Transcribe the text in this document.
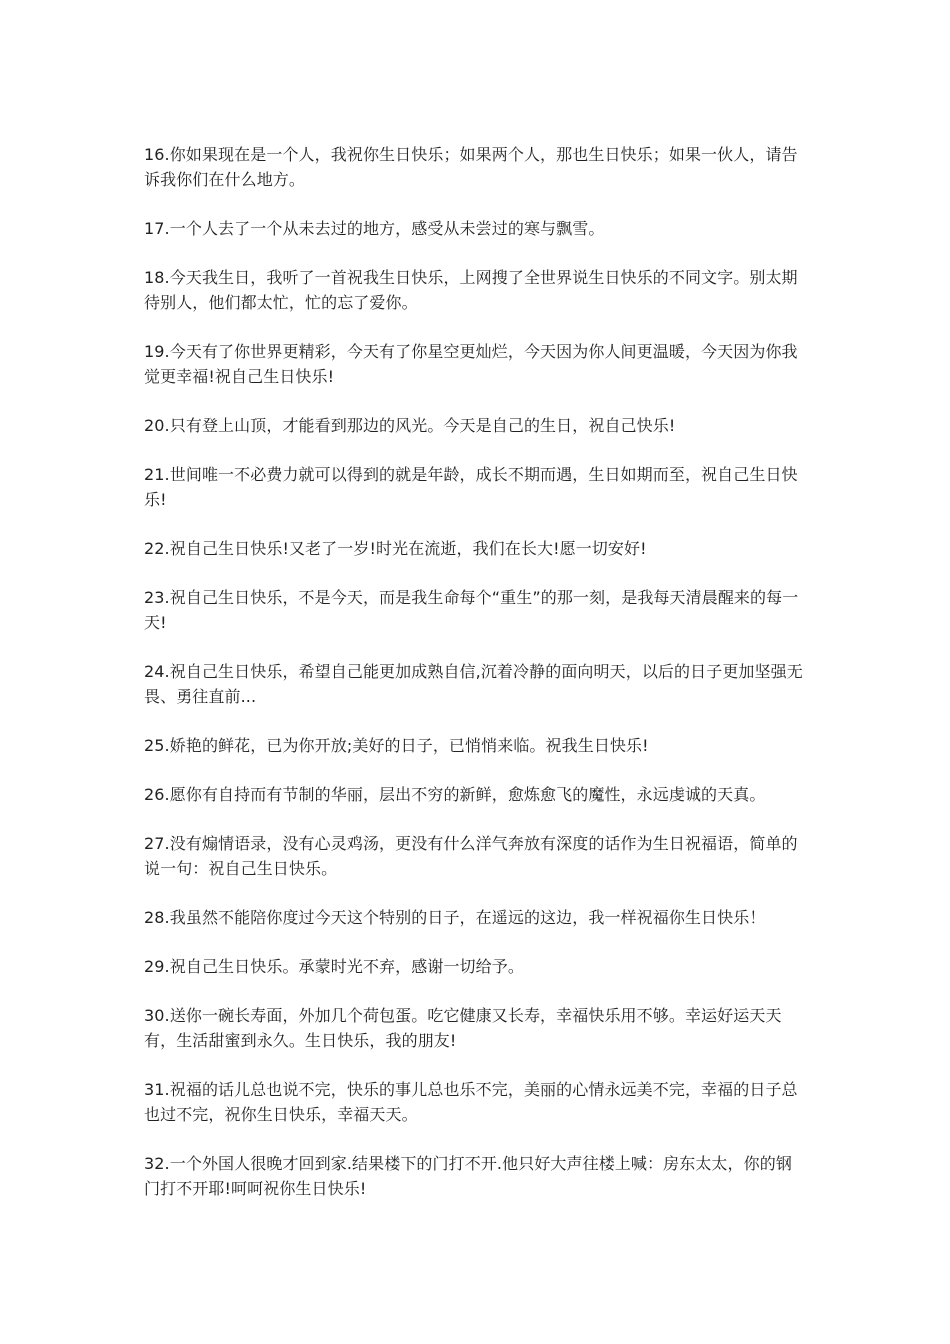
16.你如果现在是一个人，我祝你生日快乐；如果两个人，那也生日快乐；如果一伙人，请告诉我你们在什么地方。

17.一个人去了一个从未去过的地方，感受从未尝过的寒与飘雪。

18.今天我生日，我听了一首祝我生日快乐，上网搜了全世界说生日快乐的不同文字。别太期待别人，他们都太忙，忙的忘了爱你。

19.今天有了你世界更精彩，今天有了你星空更灿烂，今天因为你人间更温暖，今天因为你我觉更幸福!祝自己生日快乐!

20.只有登上山顶，才能看到那边的风光。今天是自己的生日，祝自己快乐!

21.世间唯一不必费力就可以得到的就是年龄，成长不期而遇，生日如期而至，祝自己生日快乐!

22.祝自己生日快乐!又老了一岁!时光在流逝，我们在长大!愿一切安好!

23.祝自己生日快乐，不是今天，而是我生命每个“重生”的那一刻，是我每天清晨醒来的每一天!

24.祝自己生日快乐，希望自己能更加成熟自信,沉着冷静的面向明天，以后的日子更加坚强无畏、勇往直前...

25.娇艳的鲜花，已为你开放;美好的日子，已悄悄来临。祝我生日快乐!

26.愿你有自持而有节制的华丽，层出不穷的新鲜，愈炼愈飞的魔性，永远虔诚的天真。

27.没有煽情语录，没有心灵鸡汤，更没有什么洋气奔放有深度的话作为生日祝福语，简单的说一句：祝自己生日快乐。

28.我虽然不能陪你度过今天这个特别的日子，在遥远的这边，我一样祝福你生日快乐！

29.祝自己生日快乐。承蒙时光不弃，感谢一切给予。

30.送你一碗长寿面，外加几个荷包蛋。吃它健康又长寿，幸福快乐用不够。幸运好运天天有，生活甜蜜到永久。生日快乐，我的朋友!

31.祝福的话儿总也说不完，快乐的事儿总也乐不完，美丽的心情永远美不完，幸福的日子总也过不完，祝你生日快乐，幸福天天。

32.一个外国人很晚才回到家.结果楼下的门打不开.他只好大声往楼上喊：房东太太，你的钢门打不开耶!呵呵祝你生日快乐!
